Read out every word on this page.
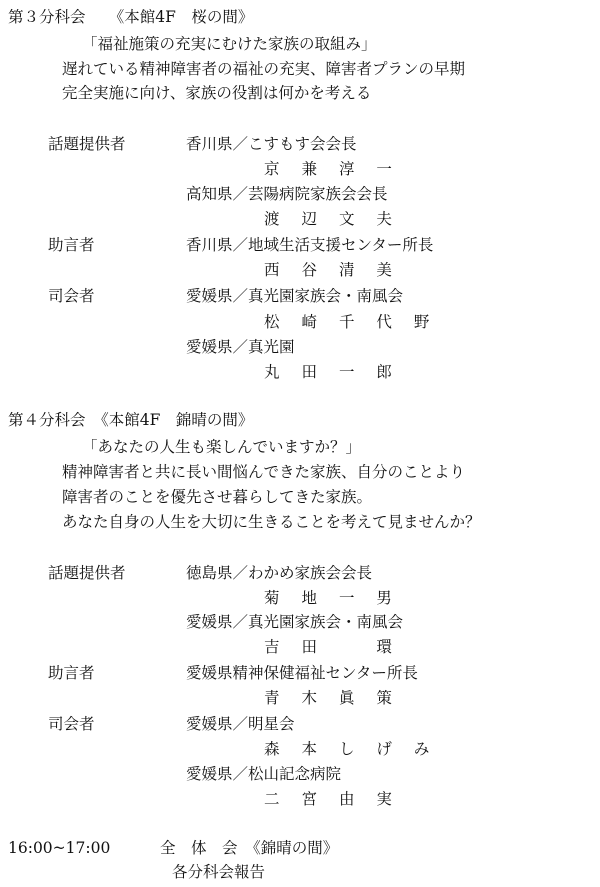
第３分科会　　《本館4F　桜の間》
「福祉施策の充実にむけた家族の取組み」
遅れている精神障害者の福祉の充実、障害者プランの早期
完全実施に向け、家族の役割は何かを考える
話題提供者	香川県／こすもす会会長
京 兼 淳 一
高知県／芸陽病院家族会会長
渡 辺 文 夫
助言者	香川県／地域生活支援センター所長
西 谷 清 美
司会者	愛媛県／真光園家族会・南風会
松 崎 千 代 野
愛媛県／真光園
丸 田 一 郎
第４分科会　《本館4F　錦晴の間》
「あなたの人生も楽しんでいますか？」
精神障害者と共に長い間悩んできた家族、自分のことより
障害者のことを優先させ暮らしてきた家族。
あなた自身の人生を大切に生きることを考えて見ませんか？
話題提供者	徳島県／わかめ家族会会長
菊 地 一 男
愛媛県／真光園家族会・南風会
吉 田 　 環
助言者	愛媛県精神保健福祉センター所長
青 木 眞 策
司会者	愛媛県／明星会
森 本 し げ み
愛媛県／松山記念病院
二 宮 由 実
16:00~17:00	全　体　会　《錦晴の間》
各分科会報告
